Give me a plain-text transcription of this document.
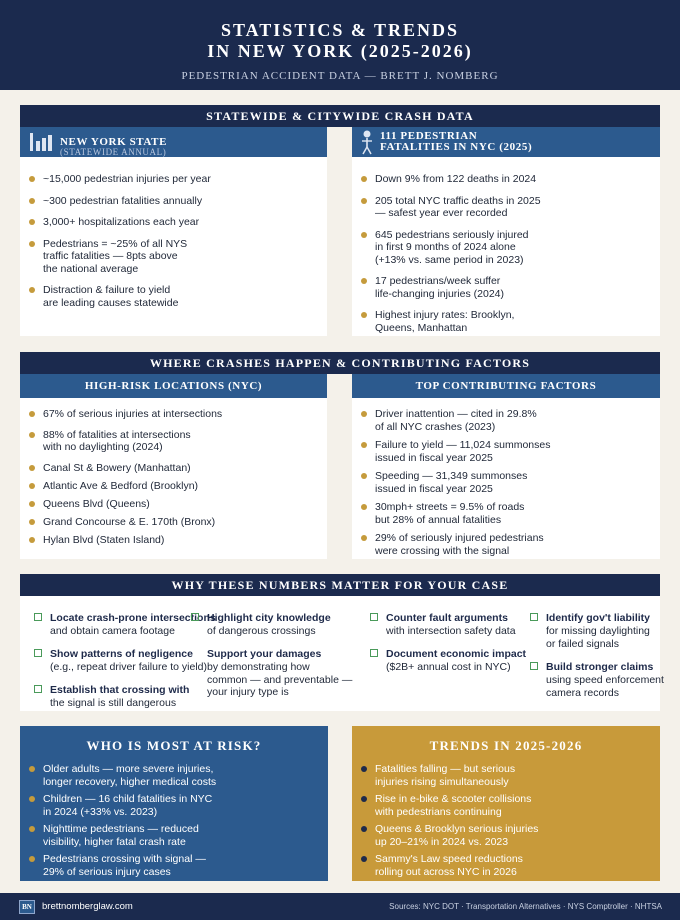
STATISTICS & TRENDS
IN NEW YORK (2025-2026)
PEDESTRIAN ACCIDENT DATA — BRETT J. NOMBERG
STATEWIDE & CITYWIDE CRASH DATA
NEW YORK STATE
(STATEWIDE ANNUAL)
~15,000 pedestrian injuries per year
~300 pedestrian fatalities annually
3,000+ hospitalizations each year
Pedestrians = ~25% of all NYS
traffic fatalities — 8pts above
the national average
Distraction & failure to yield
are leading causes statewide
111 PEDESTRIAN
FATALITIES IN NYC (2025)
Down 9% from 122 deaths in 2024
205 total NYC traffic deaths in 2025
— safest year ever recorded
645 pedestrians seriously injured
in first 9 months of 2024 alone
(+13% vs. same period in 2023)
17 pedestrians/week suffer
life-changing injuries (2024)
Highest injury rates: Brooklyn,
Queens, Manhattan
WHERE CRASHES HAPPEN & CONTRIBUTING FACTORS
HIGH-RISK LOCATIONS (NYC)
67% of serious injuries at intersections
88% of fatalities at intersections
with no daylighting (2024)
Canal St & Bowery (Manhattan)
Atlantic Ave & Bedford (Brooklyn)
Queens Blvd (Queens)
Grand Concourse & E. 170th (Bronx)
Hylan Blvd (Staten Island)
TOP CONTRIBUTING FACTORS
Driver inattention — cited in 29.8%
of all NYC crashes (2023)
Failure to yield — 11,024 summonses
issued in fiscal year 2025
Speeding — 31,349 summonses
issued in fiscal year 2025
30mph+ streets = 9.5% of roads
but 28% of annual fatalities
29% of seriously injured pedestrians
were crossing with the signal
WHY THESE NUMBERS MATTER FOR YOUR CASE
Locate crash-prone intersections
and obtain camera footage
Show patterns of negligence
(e.g., repeat driver failure to yield)
Establish that crossing with
the signal is still dangerous
Highlight city knowledge
of dangerous crossings
Support your damages
by demonstrating how
common — and preventable —
your injury type is
Counter fault arguments
with intersection safety data
Document economic impact
($2B+ annual cost in NYC)
Identify gov't liability
for missing daylighting
or failed signals
Build stronger claims
using speed enforcement
camera records
WHO IS MOST AT RISK?
Older adults — more severe injuries,
longer recovery, higher medical costs
Children — 16 child fatalities in NYC
in 2024 (+33% vs. 2023)
Nighttime pedestrians — reduced
visibility, higher fatal crash rate
Pedestrians crossing with signal —
29% of serious injury cases
TRENDS IN 2025-2026
Fatalities falling — but serious
injuries rising simultaneously
Rise in e-bike & scooter collisions
with pedestrians continuing
Queens & Brooklyn serious injuries
up 20–21% in 2024 vs. 2023
Sammy's Law speed reductions
rolling out across NYC in 2026
BN	brettnomberglaw.com	Sources: NYC DOT · Transportation Alternatives · NYS Comptroller · NHTSA
